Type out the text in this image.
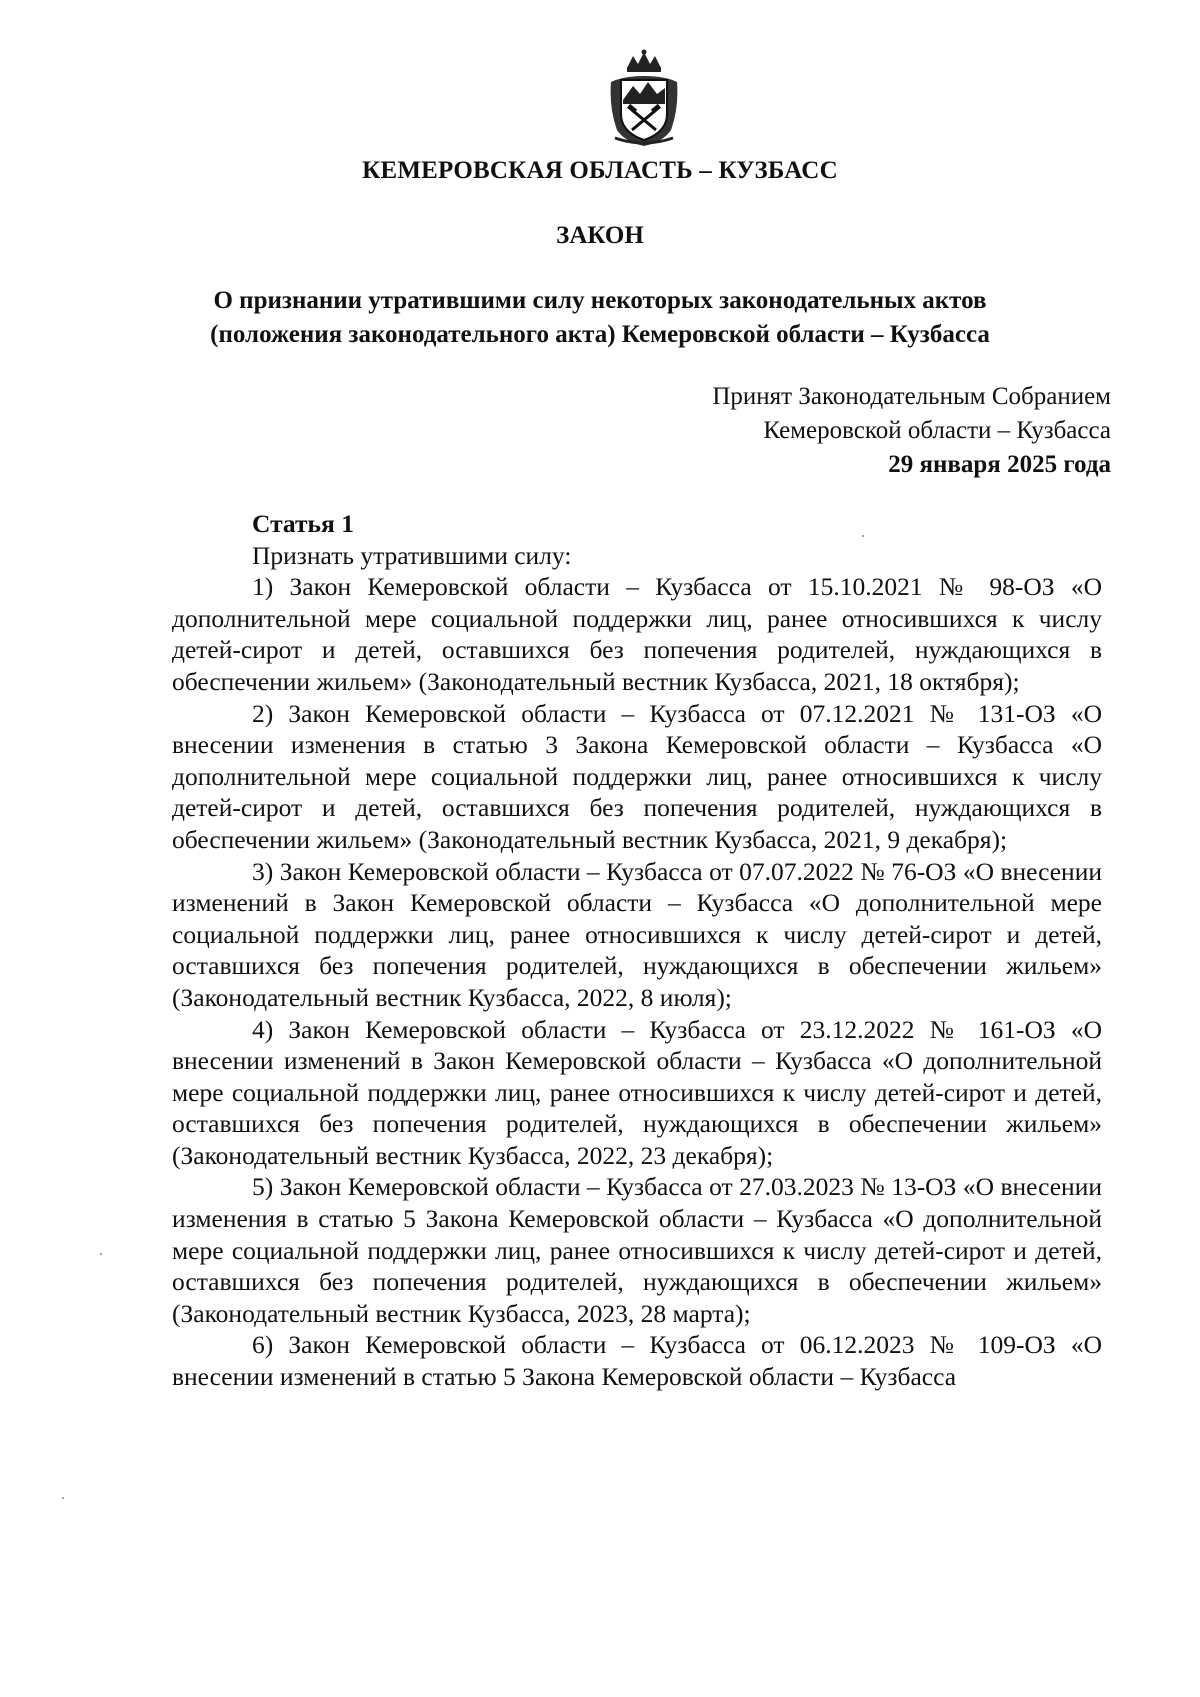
КЕМЕРОВСКАЯ ОБЛАСТЬ – КУЗБАСС
ЗАКОН
О признании утратившими силу некоторых законодательных актов
(положения законодательного акта) Кемеровской области – Кузбасса
Принят Законодательным Собранием
Кемеровской области – Кузбасса
29 января 2025 года

Статья 1

Признать утратившими силу:

1) Закон Кемеровской области – Кузбасса от 15.10.2021 № 98-ОЗ «О дополнительной мере социальной поддержки лиц, ранее относившихся к числу детей-сирот и детей, оставшихся без попечения родителей, нуждающихся в обеспечении жильем» (Законодательный вестник Кузбасса, 2021, 18 октября);

2) Закон Кемеровской области – Кузбасса от 07.12.2021 № 131-ОЗ «О внесении изменения в статью 3 Закона Кемеровской области – Кузбасса «О дополнительной мере социальной поддержки лиц, ранее относившихся к числу детей-сирот и детей, оставшихся без попечения родителей, нуждающихся в обеспечении жильем» (Законодательный вестник Кузбасса, 2021, 9 декабря);

3) Закон Кемеровской области – Кузбасса от 07.07.2022 № 76-ОЗ «О внесении изменений в Закон Кемеровской области – Кузбасса «О дополнительной мере социальной поддержки лиц, ранее относившихся к числу детей-сирот и детей, оставшихся без попечения родителей, нуждающихся в обеспечении жильем» (Законодательный вестник Кузбасса, 2022, 8 июля);

4) Закон Кемеровской области – Кузбасса от 23.12.2022 № 161-ОЗ «О внесении изменений в Закон Кемеровской области – Кузбасса «О дополнительной мере социальной поддержки лиц, ранее относившихся к числу детей-сирот и детей, оставшихся без попечения родителей, нуждающихся в обеспечении жильем» (Законодательный вестник Кузбасса, 2022, 23 декабря);

5) Закон Кемеровской области – Кузбасса от 27.03.2023 № 13-ОЗ «О внесении изменения в статью 5 Закона Кемеровской области – Кузбасса «О дополнительной мере социальной поддержки лиц, ранее относившихся к числу детей-сирот и детей, оставшихся без попечения родителей, нуждающихся в обеспечении жильем» (Законодательный вестник Кузбасса, 2023, 28 марта);

6) Закон Кемеровской области – Кузбасса от 06.12.2023 № 109-ОЗ «О внесении изменений в статью 5 Закона Кемеровской области – Кузбасса
